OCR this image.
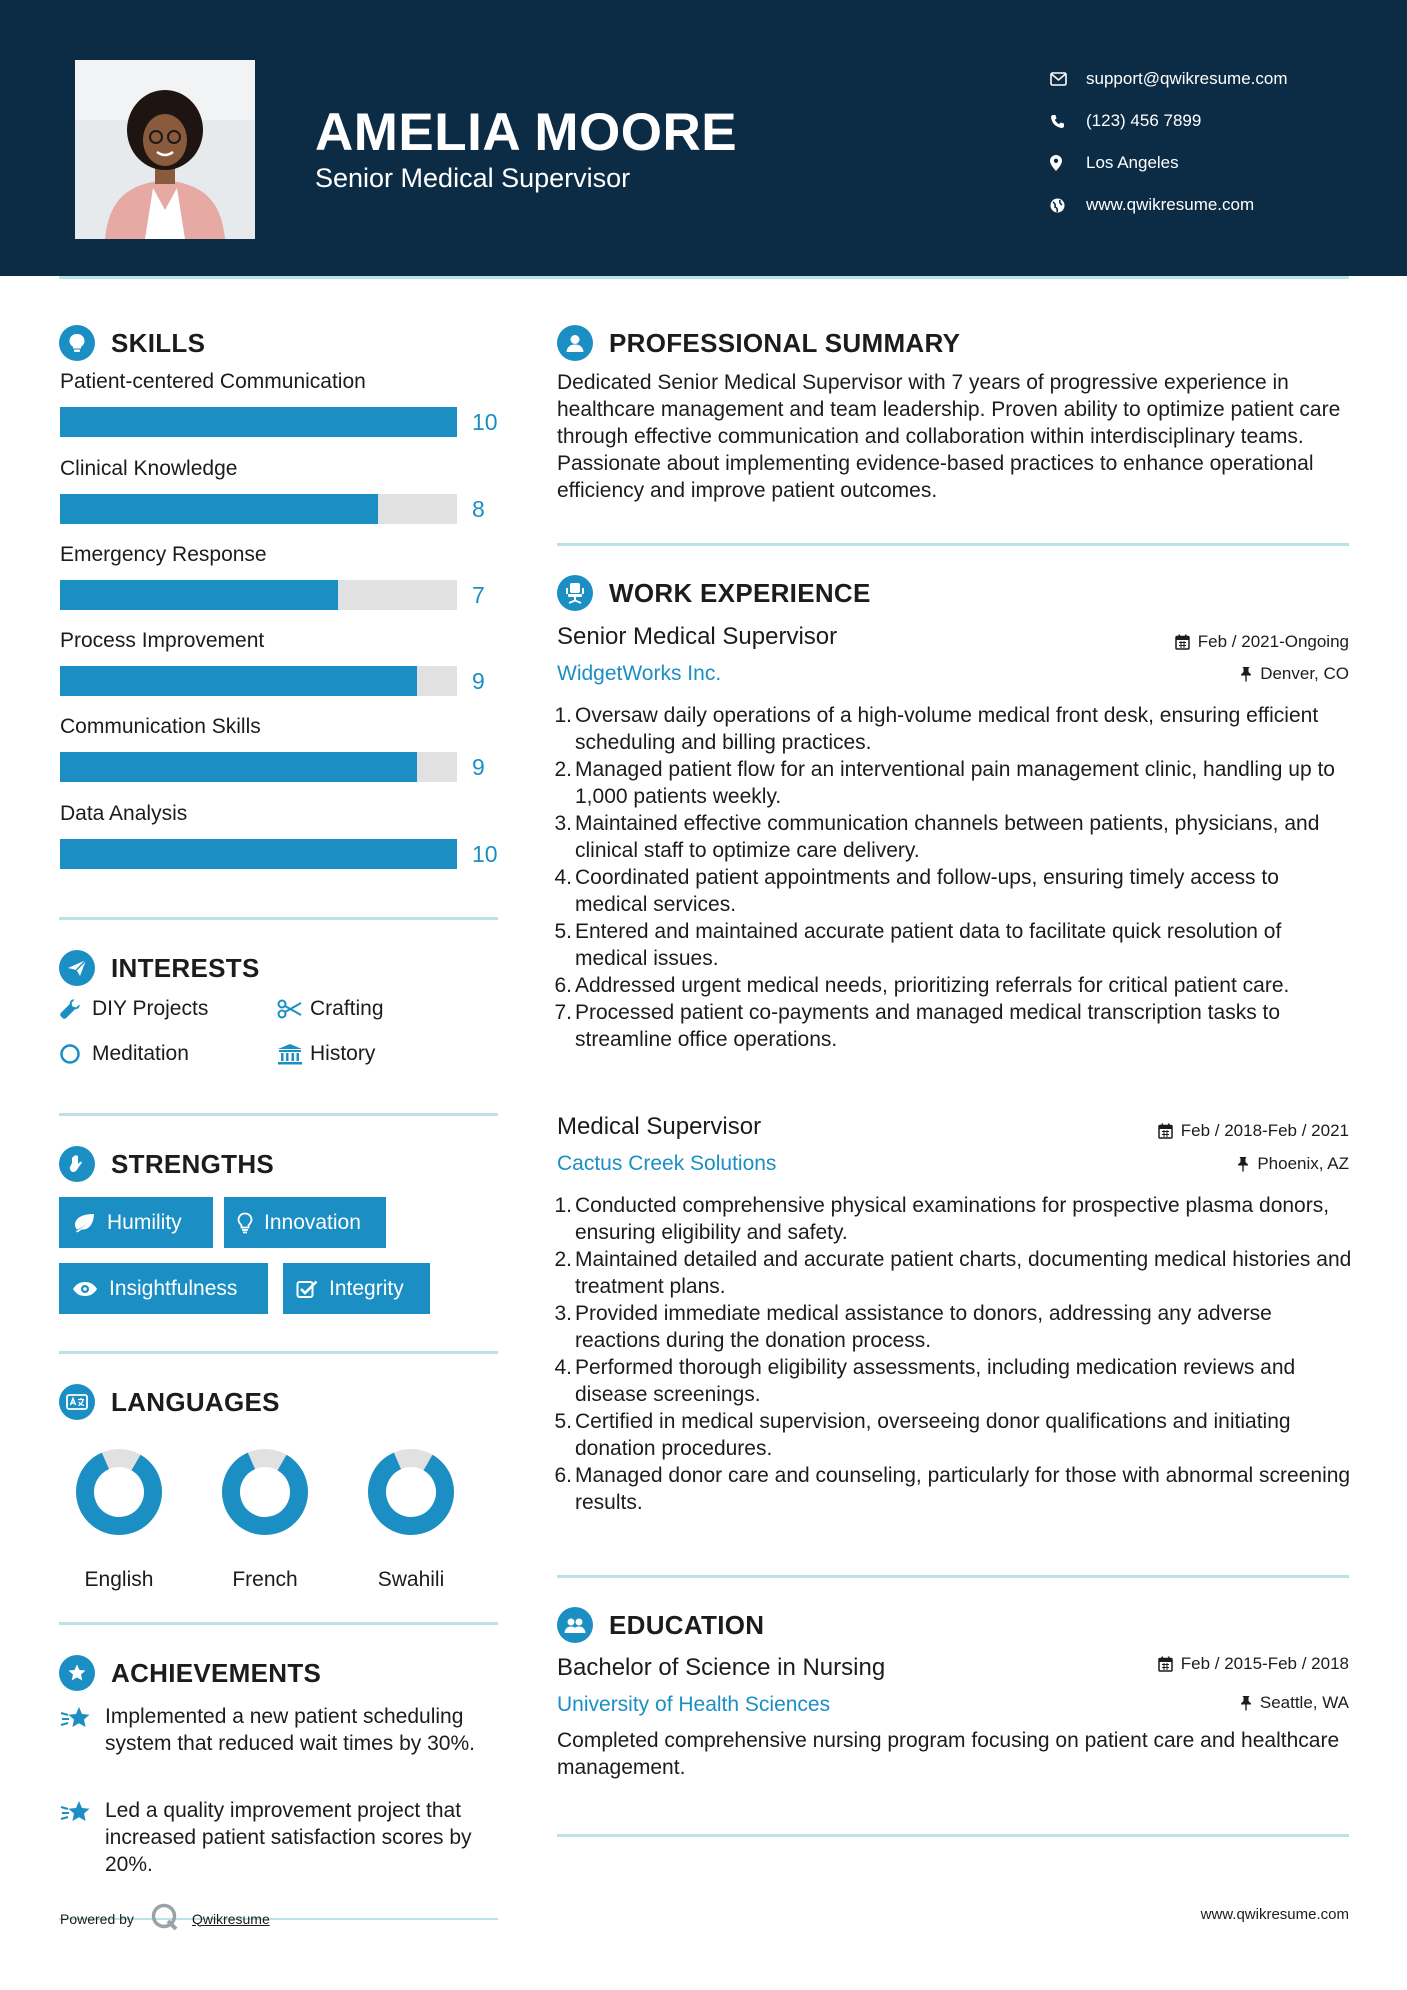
AMELIA MOORE
Senior Medical Supervisor
support@qwikresume.com
(123) 456 7899
Los Angeles
www.qwikresume.com
SKILLS
Patient-centered Communication
10
Clinical Knowledge
8
Emergency Response
7
Process Improvement
9
Communication Skills
9
Data Analysis
10
INTERESTS
DIY Projects	Crafting
Meditation	History
STRENGTHS
Humility	Innovation
Insightfulness	Integrity
LANGUAGES
English	French	Swahili
ACHIEVEMENTS
Implemented a new patient scheduling system that reduced wait times by 30%.
Led a quality improvement project that increased patient satisfaction scores by 20%.
Powered by	Qwikresume	www.qwikresume.com
PROFESSIONAL SUMMARY
Dedicated Senior Medical Supervisor with 7 years of progressive experience in healthcare management and team leadership. Proven ability to optimize patient care through effective communication and collaboration within interdisciplinary teams. Passionate about implementing evidence-based practices to enhance operational efficiency and improve patient outcomes.
WORK EXPERIENCE
Senior Medical Supervisor	Feb / 2021-Ongoing
WidgetWorks Inc.	Denver, CO
1. Oversaw daily operations of a high-volume medical front desk, ensuring efficient scheduling and billing practices.
2. Managed patient flow for an interventional pain management clinic, handling up to 1,000 patients weekly.
3. Maintained effective communication channels between patients, physicians, and clinical staff to optimize care delivery.
4. Coordinated patient appointments and follow-ups, ensuring timely access to medical services.
5. Entered and maintained accurate patient data to facilitate quick resolution of medical issues.
6. Addressed urgent medical needs, prioritizing referrals for critical patient care.
7. Processed patient co-payments and managed medical transcription tasks to streamline office operations.
Medical Supervisor	Feb / 2018-Feb / 2021
Cactus Creek Solutions	Phoenix, AZ
1. Conducted comprehensive physical examinations for prospective plasma donors, ensuring eligibility and safety.
2. Maintained detailed and accurate patient charts, documenting medical histories and treatment plans.
3. Provided immediate medical assistance to donors, addressing any adverse reactions during the donation process.
4. Performed thorough eligibility assessments, including medication reviews and disease screenings.
5. Certified in medical supervision, overseeing donor qualifications and initiating donation procedures.
6. Managed donor care and counseling, particularly for those with abnormal screening results.
EDUCATION
Bachelor of Science in Nursing	Feb / 2015-Feb / 2018
University of Health Sciences	Seattle, WA
Completed comprehensive nursing program focusing on patient care and healthcare management.
